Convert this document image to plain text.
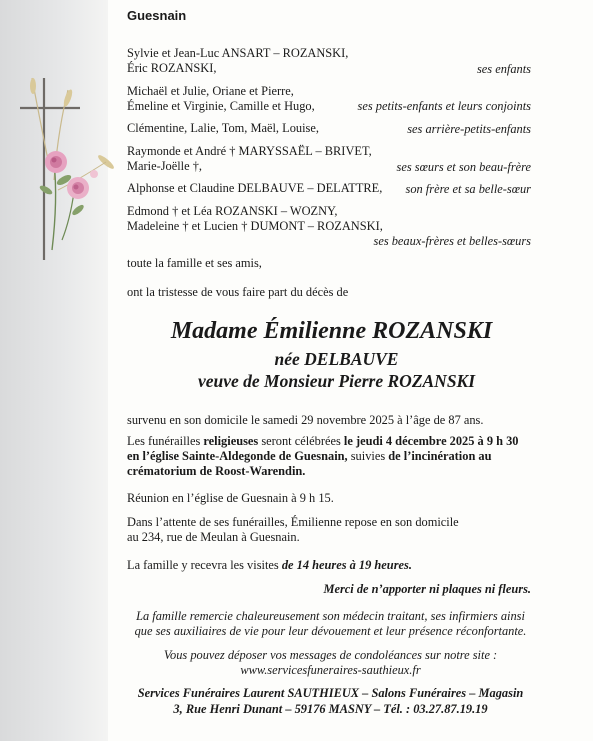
Guesnain
Sylvie et Jean-Luc ANSART – ROZANSKI,
Éric ROZANSKI,	ses enfants
Michaël et Julie, Oriane et Pierre,
Émeline et Virginie, Camille et Hugo,	ses petits-enfants et leurs conjoints
Clémentine, Lalie, Tom, Maël, Louise,	ses arrière-petits-enfants
Raymonde et André † MARYSSAËL – BRIVET,
Marie-Joëlle †,	ses sœurs et son beau-frère
Alphonse et Claudine DELBAUVE – DELATTRE,	son frère et sa belle-sœur
Edmond † et Léa ROZANSKI – WOZNY,
Madeleine † et Lucien † DUMONT – ROZANSKI,
ses beaux-frères et belles-sœurs
toute la famille et ses amis,
ont la tristesse de vous faire part du décès de
Madame Émilienne ROZANSKI
née DELBAUVE
veuve de Monsieur Pierre ROZANSKI
survenu en son domicile le samedi 29 novembre 2025 à l’âge de 87 ans.
Les funérailles religieuses seront célébrées le jeudi 4 décembre 2025 à 9 h 30 en l’église Sainte-Aldegonde de Guesnain, suivies de l’incinération au crématorium de Roost-Warendin.
Réunion en l’église de Guesnain à 9 h 15.
Dans l’attente de ses funérailles, Émilienne repose en son domicile
au 234, rue de Meulan à Guesnain.
La famille y recevra les visites de 14 heures à 19 heures.
Merci de n’apporter ni plaques ni fleurs.
La famille remercie chaleureusement son médecin traitant, ses infirmiers ainsi
que ses auxiliaires de vie pour leur dévouement et leur présence réconfortante.
Vous pouvez déposer vos messages de condoléances sur notre site :
www.servicesfuneraires-sauthieux.fr
Services Funéraires Laurent SAUTHIEUX – Salons Funéraires – Magasin
3, Rue Henri Dunant – 59176 MASNY – Tél. : 03.27.87.19.19
